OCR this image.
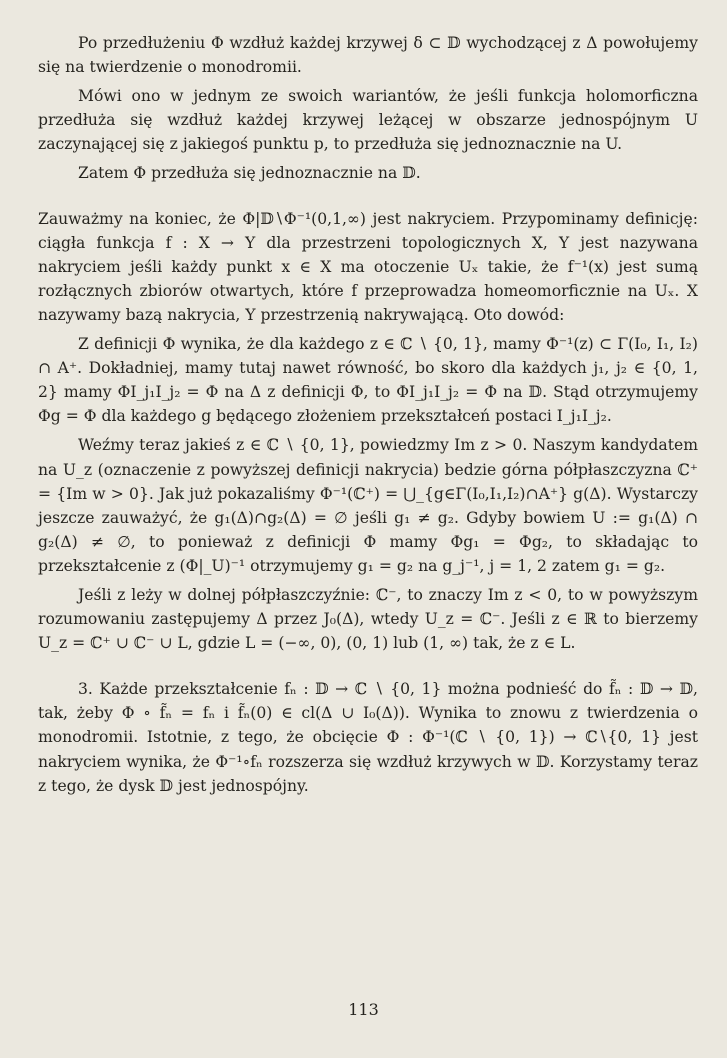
Po przedłużeniu Φ wzdłuż każdej krzywej δ ⊂ 𝔻 wychodzącej z Δ powołujemy się na twierdzenie o monodromii.

Mówi ono w jednym ze swoich wariantów, że jeśli funkcja holomorficzna przedłuża się wzdłuż każdej krzywej leżącej w obszarze jednospójnym U zaczynającej się z jakiegoś punktu p, to przedłuża się jednoznacznie na U.

Zatem Φ przedłuża się jednoznacznie na 𝔻.

Zauważmy na koniec, że Φ|𝔻∖Φ⁻¹(0,1,∞) jest nakryciem. Przypominamy definicję: ciągła funkcja f : X → Y dla przestrzeni topologicznych X, Y jest nazywana nakryciem jeśli każdy punkt x ∈ X ma otoczenie Uₓ takie, że f⁻¹(x) jest sumą rozłącznych zbiorów otwartych, które f przeprowadza homeomorficznie na Uₓ. X nazywamy bazą nakrycia, Y przestrzenią nakrywającą. Oto dowód:

Z definicji Φ wynika, że dla każdego z ∈ ℂ ∖ {0, 1}, mamy Φ⁻¹(z) ⊂ Γ(I₀, I₁, I₂) ∩ A⁺. Dokładniej, mamy tutaj nawet równość, bo skoro dla każdych j₁, j₂ ∈ {0, 1, 2} mamy ΦI_j₁I_j₂ = Φ na Δ z definicji Φ, to ΦI_j₁I_j₂ = Φ na 𝔻. Stąd otrzymujemy Φg = Φ dla każdego g będącego złożeniem przekształceń postaci I_j₁I_j₂.

Weźmy teraz jakieś z ∈ ℂ ∖ {0, 1}, powiedzmy Im z > 0. Naszym kandydatem na U_z (oznaczenie z powyższej definicji nakrycia) bedzie górna półpłaszczyzna ℂ⁺ = {Im w > 0}. Jak już pokazaliśmy Φ⁻¹(ℂ⁺) = ⋃_{g∈Γ(I₀,I₁,I₂)∩A⁺} g(Δ). Wystarczy jeszcze zauważyć, że g₁(Δ)∩g₂(Δ) = ∅ jeśli g₁ ≠ g₂. Gdyby bowiem U := g₁(Δ) ∩ g₂(Δ) ≠ ∅, to ponieważ z definicji Φ mamy Φg₁ = Φg₂, to składając to przekształcenie z (Φ|_U)⁻¹ otrzymujemy g₁ = g₂ na g_j⁻¹, j = 1, 2 zatem g₁ = g₂.

Jeśli z leży w dolnej półpłaszczyźnie: ℂ⁻, to znaczy Im z < 0, to w powyższym rozumowaniu zastępujemy Δ przez J₀(Δ), wtedy U_z = ℂ⁻. Jeśli z ∈ ℝ to bierzemy U_z = ℂ⁺ ∪ ℂ⁻ ∪ L, gdzie L = (−∞, 0), (0, 1) lub (1, ∞) tak, że z ∈ L.

3. Każde przekształcenie fₙ : 𝔻 → ℂ ∖ {0, 1} można podnieść do f̃ₙ : 𝔻 → 𝔻, tak, żeby Φ ∘ f̃ₙ = fₙ i f̃ₙ(0) ∈ cl(Δ ∪ I₀(Δ)). Wynika to znowu z twierdzenia o monodromii. Istotnie, z tego, że obcięcie Φ : Φ⁻¹(ℂ ∖ {0, 1}) → ℂ∖{0, 1} jest nakryciem wynika, że Φ⁻¹∘fₙ rozszerza się wzdłuż krzywych w 𝔻. Korzystamy teraz z tego, że dysk 𝔻 jest jednospójny.

113
